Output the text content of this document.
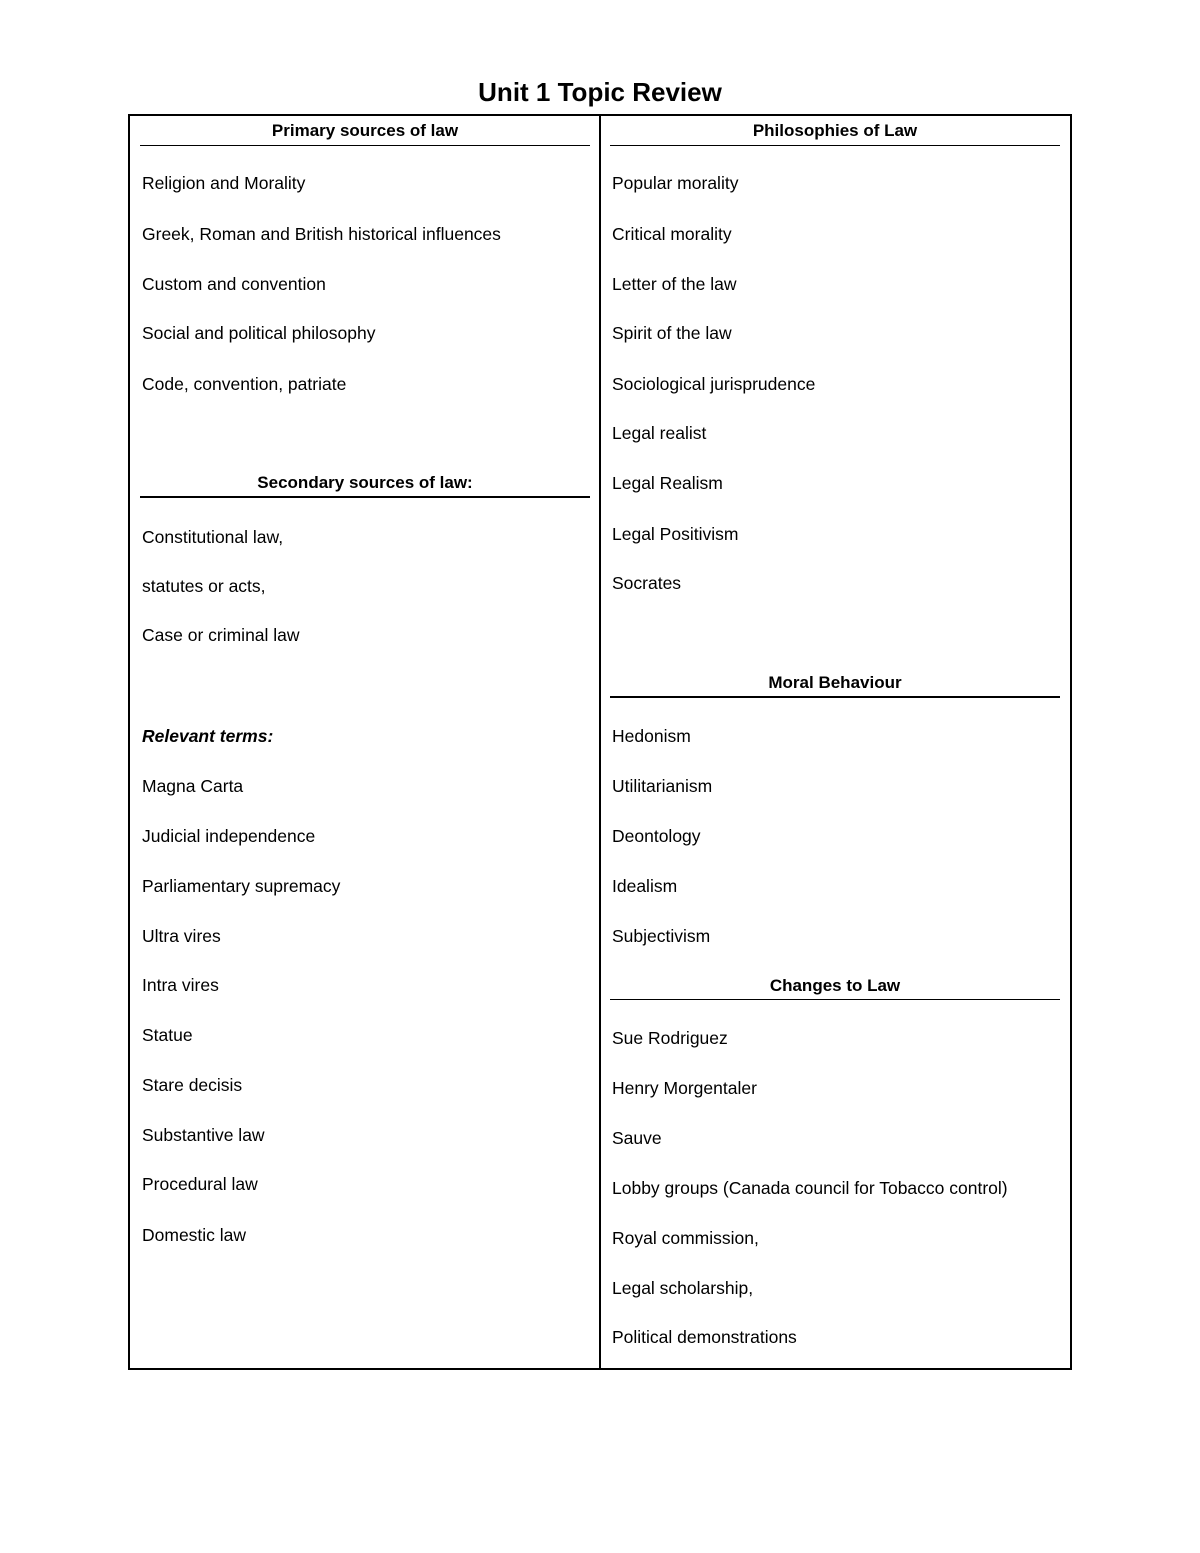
Unit 1 Topic Review
Primary sources of law
Religion and Morality
Greek, Roman and British historical influences
Custom and convention
Social and political philosophy
Code, convention, patriate
Secondary sources of law:
Constitutional law,
statutes or acts,
Case or criminal law
Relevant terms:
Magna Carta
Judicial independence
Parliamentary supremacy
Ultra vires
Intra vires
Statue
Stare decisis
Substantive law
Procedural law
Domestic law
Philosophies of Law
Popular morality
Critical morality
Letter of the law
Spirit of the law
Sociological jurisprudence
Legal realist
Legal Realism
Legal Positivism
Socrates
Moral Behaviour
Hedonism
Utilitarianism
Deontology
Idealism
Subjectivism
Changes to Law
Sue Rodriguez
Henry Morgentaler
Sauve
Lobby groups (Canada council for Tobacco control)
Royal commission,
Legal scholarship,
Political demonstrations
